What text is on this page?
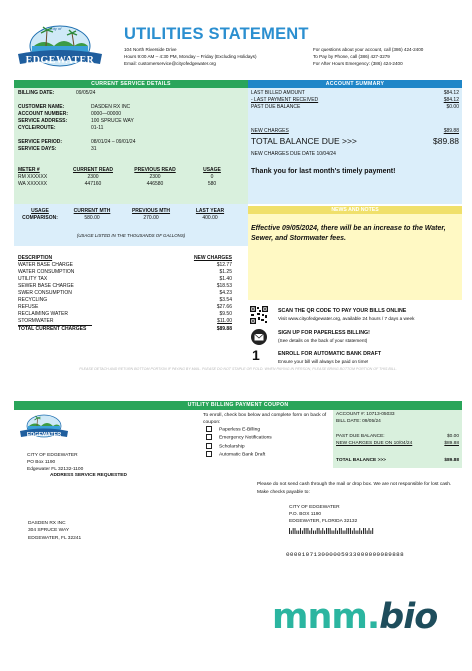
City of
EDGEWATER
UTILITIES STATEMENT
104 North Riverside Drive
Hours 9:00 AM – 4:30 PM, Monday – Friday (Excluding Holidays)
Email: customerservice@cityofedgewater.org
For questions about your account, call (386) 424-2400
To Pay by Phone, call (386) 427-3279
For After Hours Emergency: (386) 424-2400
CURRENT SERVICE DETAILS
BILLING DATE:	09/05/24
CUSTOMER NAME:	DASDEN RX INC
ACCOUNT NUMBER:	0000—00000
SERVICE ADDRESS:	100 SPRUCE WAY
CYCLE/ROUTE:	01-11
SERVICE PERIOD:	08/01/24 – 09/01/24
SERVICE DAYS:	31
METER #	CURRENT READ	PREVIOUS READ	USAGE
RM XXXXXX	2300	2300	0
WA XXXXXX	447160	446580	580
USAGE	CURRENT MTH	PREVIOUS MTH	LAST YEAR
COMPARISON:	580.00	270.00	400.00
(USAGE LISTED IN THE THOUSANDS OF GALLONS)
DESCRIPTION	NEW CHARGES
WATER BASE CHARGE	$12.77
WATER CONSUMPTION	$1.25
UTILITY TAX	$1.40
SEWER BASE CHARGE	$18.53
SWER CONSUMPTION	$4.23
RECYCLING	$3.54
REFUSE	$27.66
RECLAIMING WATER	$9.50
STORMWATER	$11.00
TOTAL CURRENT CHARGES	$89.88
ACCOUNT SUMMARY
LAST BILLED AMOUNT	$84.12
- LAST PAYMENT RECEIVED	$84.12
PAST DUE BALANCE	$0.00
NEW CHARGES	$89.88
TOTAL BALANCE DUE >>>	$89.88
NEW CHARGES DUE DATE 10/04/24
Thank you for last month's timely payment!
NEWS AND NOTES
Effective 09/05/2024, there will be an increase to the Water, Sewer, and Stormwater fees.
SCAN THE QR CODE TO PAY YOUR BILLS ONLINE
Visit www.cityofedgewater.org, available 24 hours / 7 days a week
SIGN UP FOR PAPERLESS BILLING!
(See details on the back of your statement)
1	ENROLL FOR AUTOMATIC BANK DRAFT
Ensure your bill will always be paid on time!
PLEASE DETACH AND RETURN BOTTOM PORTION IF PAYING BY MAIL. PLEASE DO NOT STAPLE OR FOLD. WHEN PAYING IN PERSON, PLEASE BRING BOTTOM PORTION OF THIS BILL.
UTILITY BILLING PAYMENT COUPON
EDGEWATER
To enroll, check box below and complete form on back of coupon:
Paperless E-Billing
Emergency Notifications
Scholarship
Automatic Bank Draft
CITY OF EDGEWATER
PO Box 1190
Edgewater FL 32132-1100
ADDRESS SERVICE REQUESTED
ACCOUNT #: 10713-05033
BILL DATE: 09/05/24
PAST DUE BALANCE:	$0.00
NEW CHARGES DUE ON 10/04/24	$89.88
TOTAL BALANCE >>>	$89.88
Please do not send cash through the mail or drop box. We are not responsible for lost cash. Make checks payable to:
CITY OF EDGEWATER
P.O. BOX 1190
EDGEWATER, FLORIDA 32132
DASDEN RX INC
304 SPRUCE WAY
EDGEWATER, FL 32241
000010713000005933000000089888
mnm.bio
